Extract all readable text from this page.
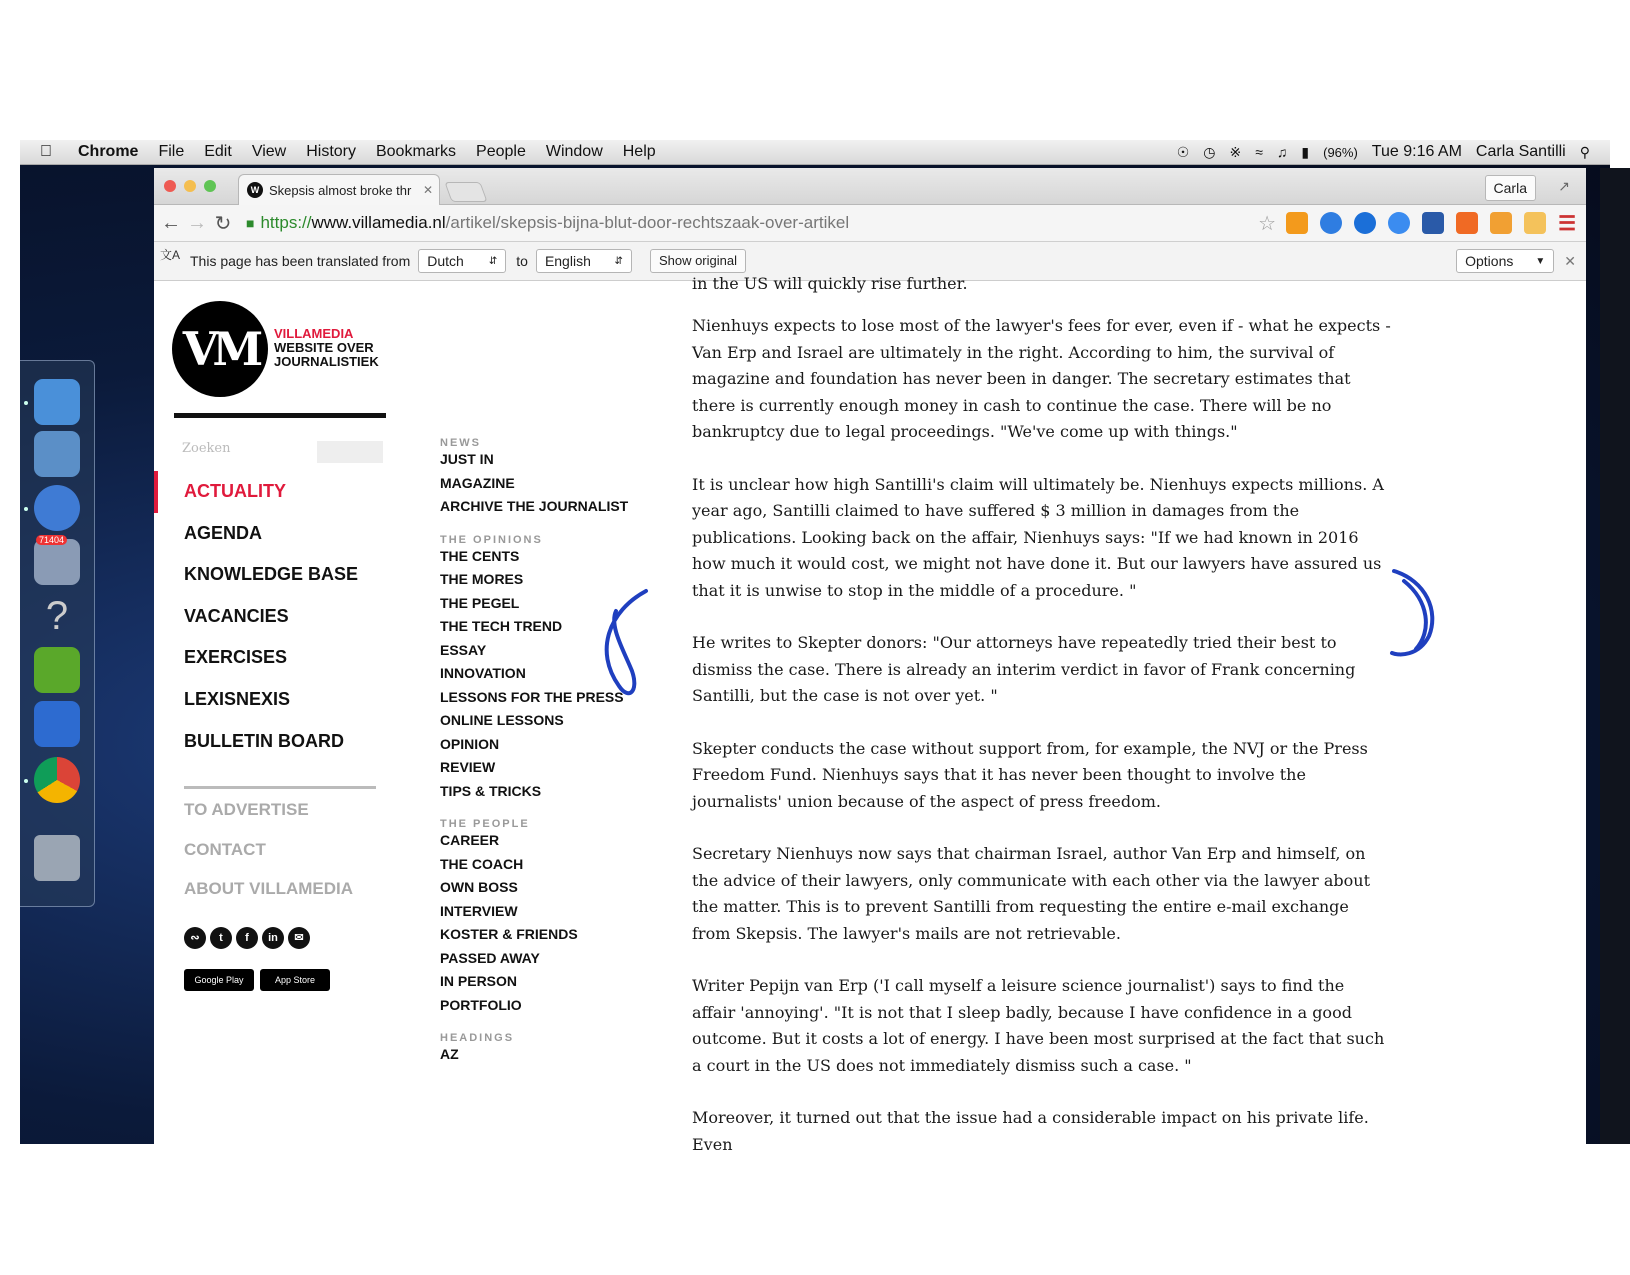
Chrome File Edit View History Bookmarks People Window Help	☉ ◷ ※ ≈ ♫ ▮ (96%) Tue 9:16 AM Carla Santilli ⚲
71404
?
W Skepsis almost broke thr ✕	Carla	↗
← → ↻	■ https:// www.villamedia.nl /artikel/skepsis-bijna-blut-door-rechtszaak-over-artikel	☆	☰
文A This page has been translated from Dutch	⇵ to English ⇵	Show original	Options ▼ ✕
VM	VILLAMEDIA
WEBSITE OVER
JOURNALISTIEK
Zoeken
ACTUALITY
AGENDA
KNOWLEDGE BASE
VACANCIES
EXERCISES
LEXISNEXIS
BULLETIN BOARD
TO ADVERTISE
CONTACT
ABOUT VILLAMEDIA
∾	t	f	in	✉
Google Play	App Store
NEWS
JUST IN
MAGAZINE
ARCHIVE THE JOURNALIST
THE OPINIONS
THE CENTS
THE MORES
THE PEGEL
THE TECH TREND
ESSAY
INNOVATION
LESSONS FOR THE PRESS
ONLINE LESSONS
OPINION
REVIEW
TIPS & TRICKS
THE PEOPLE
CAREER
THE COACH
OWN BOSS
INTERVIEW
KOSTER & FRIENDS
PASSED AWAY
IN PERSON
PORTFOLIO
HEADINGS
AZ
in the US will quickly rise further.

Nienhuys expects to lose most of the lawyer's fees for ever, even if - what he expects - Van Erp and Israel are ultimately in the right. According to him, the survival of magazine and foundation has never been in danger. The secretary estimates that there is currently enough money in cash to continue the case. There will be no bankruptcy due to legal proceedings. "We've come up with things."

It is unclear how high Santilli's claim will ultimately be. Nienhuys expects millions. A year ago, Santilli claimed to have suffered $ 3 million in damages from the publications. Looking back on the affair, Nienhuys says: "If we had known in 2016 how much it would cost, we might not have done it. But our lawyers have assured us that it is unwise to stop in the middle of a procedure. "

He writes to Skepter donors: "Our attorneys have repeatedly tried their best to dismiss the case. There is already an interim verdict in favor of Frank concerning Santilli, but the case is not over yet. "

Skepter conducts the case without support from, for example, the NVJ or the Press Freedom Fund. Nienhuys says that it has never been thought to involve the journalists' union because of the aspect of press freedom.

Secretary Nienhuys now says that chairman Israel, author Van Erp and himself, on the advice of their lawyers, only communicate with each other via the lawyer about the matter. This is to prevent Santilli from requesting the entire e-mail exchange from Skepsis. The lawyer's mails are not retrievable.

Writer Pepijn van Erp ('I call myself a leisure science journalist') says to find the affair 'annoying'. "It is not that I sleep badly, because I have confidence in a good outcome. But it costs a lot of energy. I have been most surprised at the fact that such a court in the US does not immediately dismiss such a case. "

Moreover, it turned out that the issue had a considerable impact on his private life. Even
